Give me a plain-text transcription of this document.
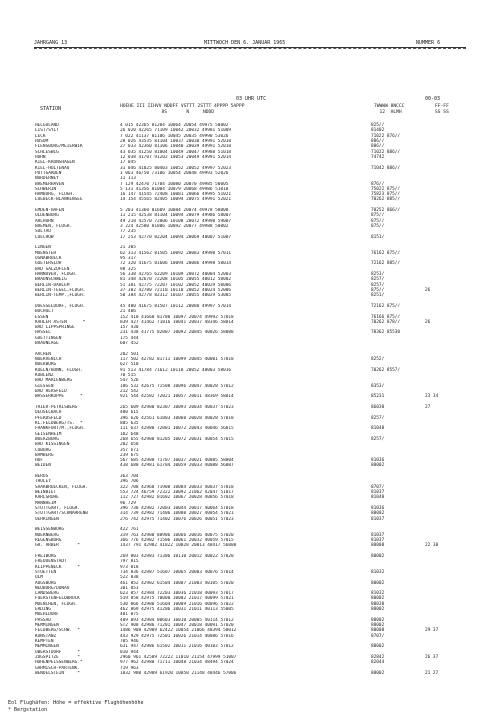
JAHRGANG 13	MITTWOCH DEN 6. JANUAR 1965	NUMMER 6
03 UHR UTC	00-03
STATION	HOEHE III IIHVV NDDFF VSTTT 2STTT 4PPPP 5APPP
8S       N     NDDD
7WWWW 8NCCC
12  HLMH
FF-FF
SS SS
HELGOLAND	4 015 42365 81204 10064 20054 49975 50002	825//
LIST/SYLT	26 020 42265 71109 10042 20032 49981 51009	81402
LECK	7 022 41137 81106 10045 20035 49990 53026	71022 876//
HUSUM	28 026 43535 81104 10037 20038 49991 52018	886//
FLENSBURG/MEIERWIK	27 033 42360 81106 10040 20039 49991 52018	886//
SCHLESWIG	43 035 41250 81004 10049 20047 49988 51018	71022 886//
HOHN	12 038 41/07 91202 10053 20049 49991 52014	74742
KIEL-KRONSHAGEN	17 045
KIEL-HOLTENAU	31 046 41025 80403 10052 20052 49997 52023	71042 886//
PUTTGARDEN	1 063 46/50 /3106 10054 20048 49993 52026
NORDERNEY	11 113
BREMERHAVEN	7 129 42470 71704 10080 20070 49985 50005	876//
SCHWERIN	5 131 41356 81004 10079 20068 49986 51010	75022 875//
HAMBURG, FLUGH.	16 147 41545 72408 10081 20066 49995 51021	75823 875//
LUEBECK-BLANKENSEE	14 154 45565 82405 10094 20075 49991 52021	70262 885//
EMDEN-HAFEN	5 203 41360 81609 10084 20074 49978 58008	70252 866//
OLDENBURG	11 215 42538 81104 10094 20079 49986 58007	875//
AHLHORN	49 218 42570 72006 10108 20072 49990 59007	875//
BREMEN, FLUGH.	3 224 42580 81806 10092 20077 49988 50002	875//
SOLTAU	77 235
LUECHOW	17 253 42770 82204 10094 20069 40007 51007	8151/
LINGEN	21 305
MUENSTER	62 313 41562 81505 10092 20083 49990 57011	76162 875//
OSNABRUECK	95 317
GUETERSLOH	72 320 41675 81606 10094 20086 49998 58014	72162 885//
BAD SALZUFLEN	98 325
HANNOVER, FLUGH.	56 338 42765 62209 10109 20072 40004 52003	8253/
BRAUNSCHWEIG	81 348 42670 72208 10105 20055 40012 58002	8257/
BERLIN-DAHLEM	51 381 42775 72207 10102 20052 40029 50006	8257/
BERLIN-TEGEL,FLUGH.	37 382 42780 72110 10110 20052 40024 52006	875//	26
BERLIN-TEMP.,FLUGH.	50 384 42778 82312 10107 20055 40029 53005	8251/
DUESSELDORF, FLUGH.	45 400 41675 81507 10112 20080 49997 57014	72162 875//
BOCHOLT	21 406
ESSEN	152 410 41660 81708 10097 20074 49992 57018	76166 875//
KAHLER ASTEN      *	839 427 41462 71816 10041 20037 48346 58014	70262 878//	26
BAD LIPPSPRINGE	157 430
HASSEL	231 438 41775 82007 10092 20045 40026 58008	70362 85530
GOETTINGEN	175 444
BRAUNLAGE	607 452
AACHEN	202 501
NOERVENICH	117 502 42782 81711 10099 20045 40001 57018	8252/
NUERBURG	627 510
KOELN/BONN, FLUGH.	91 513 41784 71612 10118 20052 40003 58016	70262 8557/
KOBLENZ	70 515
BAD MARIENBERG	547 526
GIESSEN	186 532 42675 71508 10096 20047 40028 57012	8353/
BAD HERSFELD	212 542
WASSERKUPPE      *	921 544 42582 72021 10057 20011 48369 58014	85231	23 34
TRIER-PETRISBERG	265 609 42980 82307 10093 20034 40037 57023	86030	27
DEUSELBACH	480 615
PFERDSFELD	396 626 42561 61803 10060 20028 40028 57018	8257/
KL.FELDBERG/TS.  *	805 635
FRANKFURT/M.,FLUGH.	111 637 42980 72001 10072 20043 40046 56015	81048
GEISENHEIM	102 648
WUERZBURG	268 655 42980 81205 10072 20031 40054 57015	8257/
BAD KISSINGEN	282 658
COBURG	357 671
BAMBERG	239 675
HOF	567 685 42980 71707 10037 20021 40085 58004	81036
WEIDEN	438 688 42981 61704 10059 20033 40088 56007	80002
BERUS	363 704
THOLEY	396 706
SAARBRUECKEN, FLUGH.	322 708 42968 71908 10084 20033 40037 57018	8707/
WEINBIET	553 724 46/59 /2322 10092 21062 42047 51017	81037
KARLSRUHE	112 727 42982 81602 10067 20028 40056 57018	81048
MANNHEIM	96 729
STUTTGART, FLUGH.	396 738 42982 72003 10044 20017 40064 57018	81036
STUTTGART/SCHNARRENB	314 739 42982 71406 10080 20027 40054 57021	80002
OEHRINGEN	276 742 42975 71402 10076 20026 40051 57023	81037
WEISSENBURG	422 761
NUERNBERG	319 763 42980 80906 10066 20016 40075 57020	81037
REGENSBURG	366 776 42982 71506 10061 20032 40059 57015	81037
GR. ARBER       *	1437 791 42982 41822 10028 20013 48417 56008	80008	22 30
FREIBURG	269 803 42983 71306 10110 20012 40022 57020	80002
FREUDENSTADT	797 815
KLIPPENECK      *	973 818
STOETTEN	734 836 42987 51607 10065 20003 40076 57014	81032
ULM	522 838
AUGSBURG	461 852 42982 61504 10007 21003 40105 57020	80002
NEUBURG/DONAU	381 853
LANDSBERG	623 857 42984 72203 10036 21018 40093 57017	81032
FUERSTENFELDBRUCK	519 858 42975 70000 10002 21017 40099 57021	80002
MUENCHEN, FLUGH.	530 866 42980 51604 10009 21016 40096 57022	80030
ERDING	462 869 42975 41206 10031 21011 40113 55005	80002
MUEHLDORF	401 875
PASSAU	409 893 42984 00603 10010 20005 40114 57012	80002
MEMMINGEN	ST2 908 42986 71201 10047 20018 40091 57020	80002
FELDBERG/SCHW.  *	1486 908 42989 62422 10054 21066 48394 58012	80008	29 37
KONSTANZ	443 929 42975 72501 10026 21014 40086 57016	8707/
KEMPTEN	705 946
MEMMINGEN	631 947 42986 61502 10011 21016 40103 57012	80002
OBERSTDORF      *	810 944
ZUGSPITZE       *	2960 961 42589 72222 11010 21154 47999 51007	82842	26 37
HOHENPEISSENBERG *	977 962 42980 71711 10048 21034 48494 57024	82044
GARMISCH-PARTENK.	719 963
WENDELSTEIN     *	1832 980 42989 61920 10050 21148 48446 57006	80002	21 27
Eol Flughäfen: Höhe = effektive Flughöhenhöhe
* Bergstation
